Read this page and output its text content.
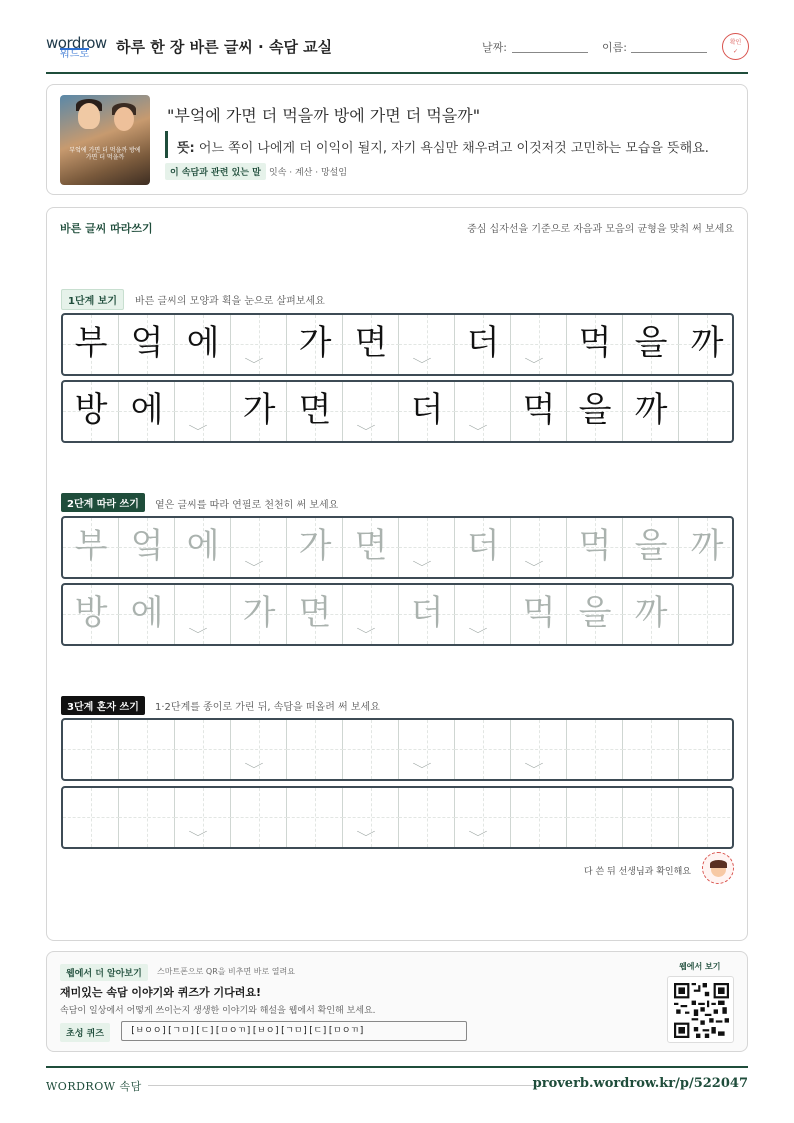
wordrow
워드로 하루 한 장 바른 글씨 · 속담 교실	날짜:	이름:	확인
✓
부엌에 가면 더 먹을까 방에 가면 더 먹을까
"부엌에 가면 더 먹을까 방에 가면 더 먹을까"
뜻: 어느 쪽이 나에게 더 이익이 될지, 자기 욕심만 채우려고 이것저것 고민하는 모습을 뜻해요.
이 속담과 관련 있는 말 잇속 · 계산 · 망설임
바른 글씨 따라쓰기	중심 십자선을 기준으로 자음과 모음의 균형을 맞춰 써 보세요
1단계 보기	바른 글씨의 모양과 획을 눈으로 살펴보세요
부 엌 에
﹀
가 면
﹀
더
﹀
먹 을 까
방 에
﹀
가 면
﹀
더
﹀
먹 을 까
2단계 따라 쓰기	옅은 글씨를 따라 연필로 천천히 써 보세요
부 엌 에
﹀
가 면
﹀
더
﹀
먹 을 까
방 에
﹀
가 면
﹀
더
﹀
먹 을 까
3단계 혼자 쓰기	1·2단계를 종이로 가린 뒤, 속담을 떠올려 써 보세요
﹀	﹀	﹀
﹀	﹀	﹀
다 쓴 뒤 선생님과 확인해요
웹에서 더 알아보기	스마트폰으로 QR을 비추면 바로 열려요
재미있는 속담 이야기와 퀴즈가 기다려요!
속담이 일상에서 어떻게 쓰이는지 생생한 이야기와 해설을 웹에서 확인해 보세요.
초성 퀴즈	[ㅂㅇㅇ][ㄱㅁ][ㄷ][ㅁㅇㄲ][ㅂㅇ][ㄱㅁ][ㄷ][ㅁㅇㄲ]
웹에서 보기
WORDROW 속담	proverb.wordrow.kr/p/522047
